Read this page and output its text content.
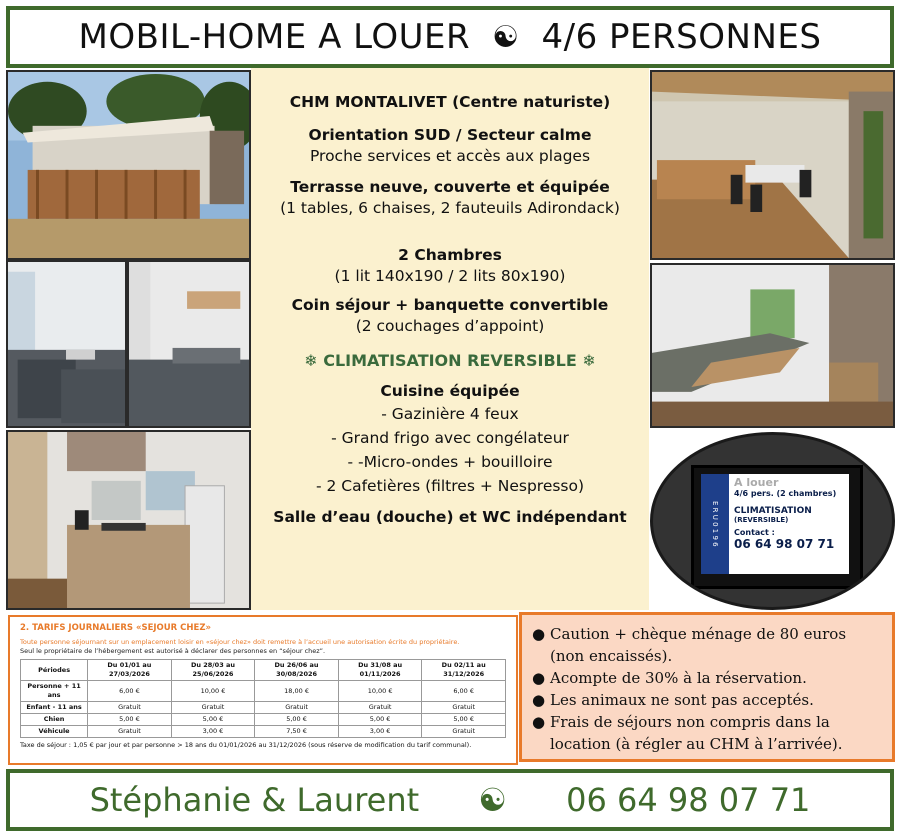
MOBIL-HOME A LOUER ☯ 4/6 PERSONNES
CHM MONTALIVET (Centre naturiste)
Orientation SUD / Secteur calme
Proche services et accès aux plages
Terrasse neuve, couverte et équipée
(1 tables, 6 chaises, 2 fauteuils Adirondack)
2 Chambres
(1 lit 140x190 / 2 lits 80x190)
Coin séjour + banquette convertible
(2 couchages d’appoint)
❄ CLIMATISATION REVERSIBLE ❄
Cuisine équipée
- Gazinière 4 feux
- Grand frigo avec congélateur
- -Micro-ondes + bouilloire
- 2 Cafetières (filtres + Nespresso)
Salle d’eau (douche) et WC indépendant	E R U 0 1 9 6
A louer
4/6 pers. (2 chambres)
CLIMATISATION
(REVERSIBLE)
Contact :
06 64 98 07 71
2. TARIFS JOURNALIERS «SEJOUR CHEZ»
Toute personne séjournant sur un emplacement loisir en «séjour chez» doit remettre à l’accueil une autorisation écrite du propriétaire.
Seul le propriétaire de l’hébergement est autorisé à déclarer des personnes en “séjour chez”.
Périodes	Du 01/01 au 27/03/2026	Du 28/03 au 25/06/2026	Du 26/06 au 30/08/2026	Du 31/08 au 01/11/2026	Du 02/11 au 31/12/2026
Personne + 11 ans	6,00 €	10,00 €	18,00 €	10,00 €	6,00 €
Enfant - 11 ans	Gratuit	Gratuit	Gratuit	Gratuit	Gratuit
Chien	5,00 €	5,00 €	5,00 €	5,00 €	5,00 €
Véhicule	Gratuit	3,00 €	7,50 €	3,00 €	Gratuit
Taxe de séjour : 1,05 € par jour et par personne > 18 ans du 01/01/2026 au 31/12/2026 (sous réserve de modification du tarif communal).
● Caution + chèque ménage de 80 euros (non encaissés).
● Acompte de 30% à la réservation.
● Les animaux ne sont pas acceptés.
● Frais de séjours non compris dans la location (à régler au CHM à l’arrivée).
Stéphanie & Laurent ☯ 06 64 98 07 71
